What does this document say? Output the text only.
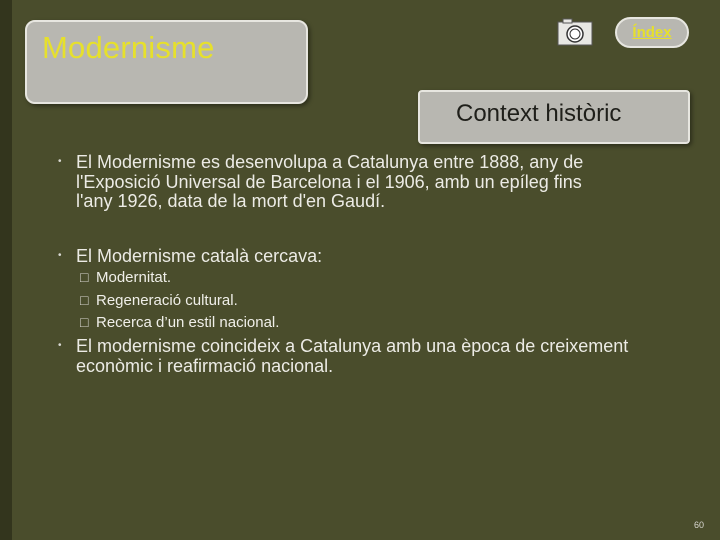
Modernisme	Índex
Context històric
• El Modernisme es desenvolupa a Catalunya entre 1888, any de l'Exposició Universal de Barcelona i el 1906, amb un epíleg fins l'any 1926, data de la mort d'en Gaudí.
• El Modernisme català cercava:
□ Modernitat.
□ Regeneració cultural.
□ Recerca d’un estil nacional.
• El modernisme coincideix a Catalunya amb una època de creixement econòmic i reafirmació nacional.
60
